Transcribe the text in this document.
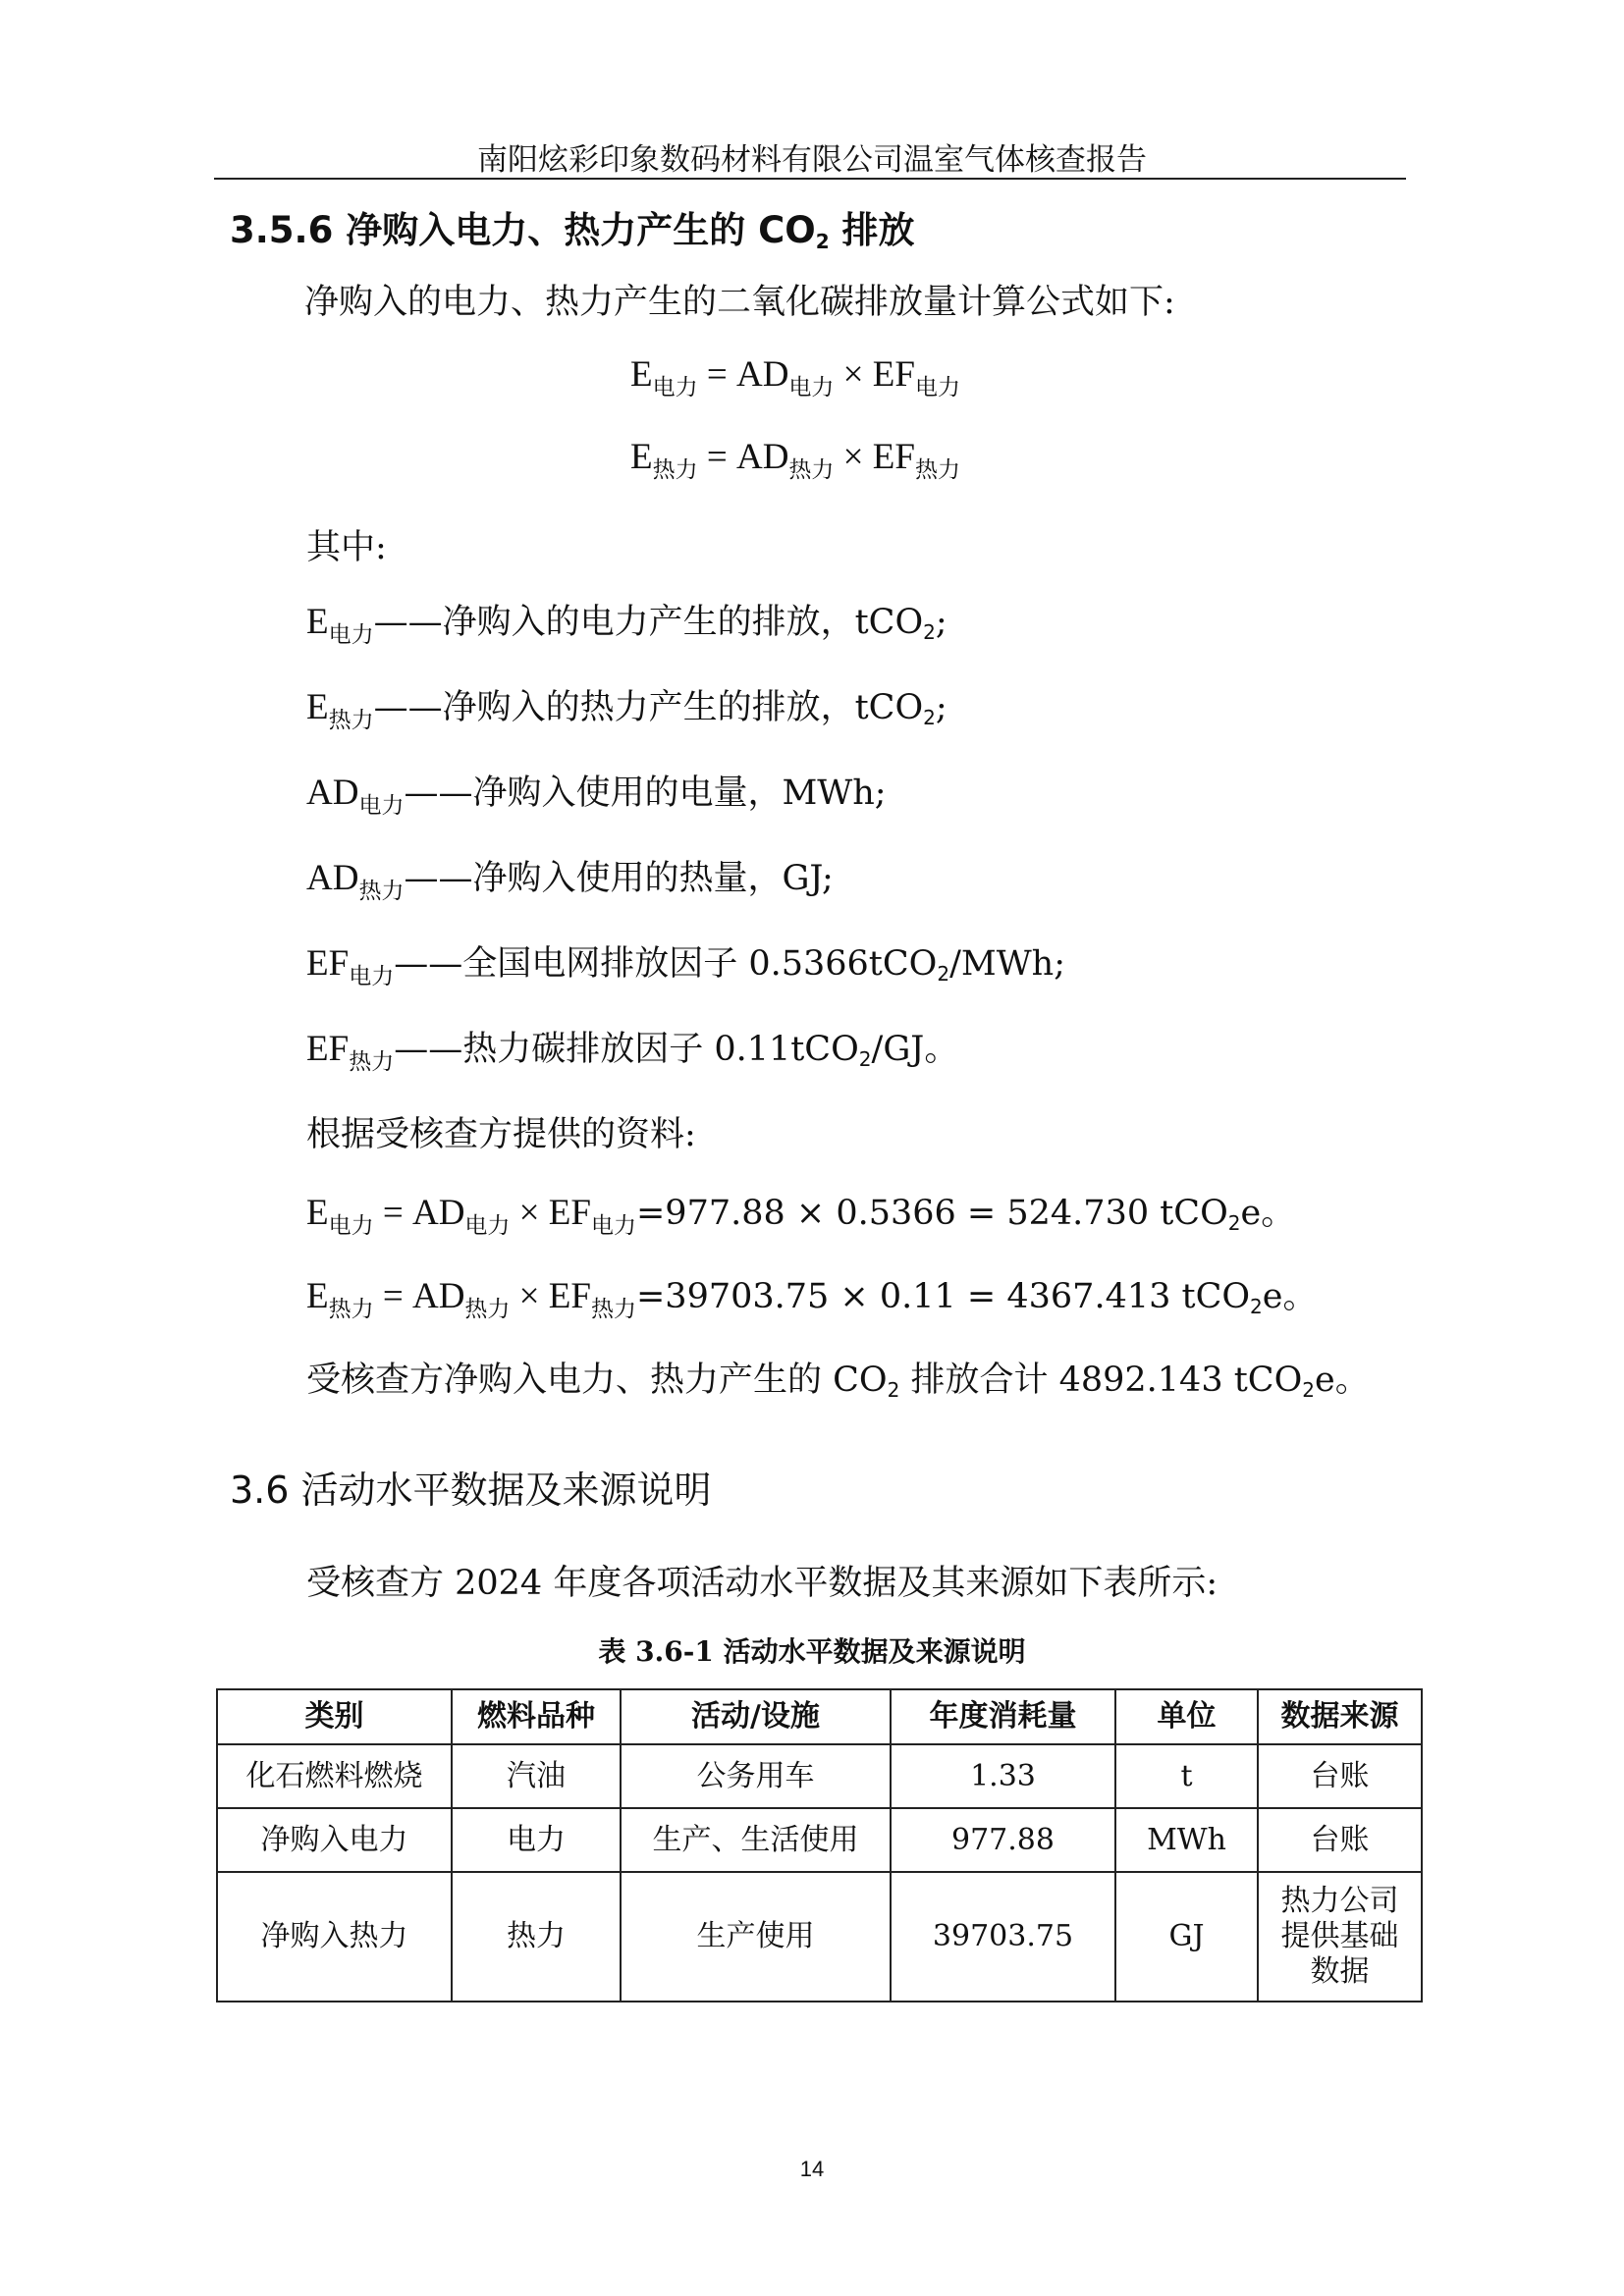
南阳炫彩印象数码材料有限公司温室气体核查报告
3.5.6 净购入电力、热力产生的 $CO_2$ 排放
净购入的电力、热力产生的二氧化碳排放量计算公式如下:
$E_{电力} = AD_{电力} \times EF_{电力}$
$E_{热力} = AD_{热力} \times EF_{热力}$
其中:
$E_{电力}——$净购入的电力产生的排放，tCO$_2$;
$E_{热力}——$净购入的热力产生的排放，tCO$_2$;
$AD_{电力}——$净购入使用的电量，MWh;
$AD_{热力}——$净购入使用的热量，GJ;
$EF_{电力}——$全国电网排放因子 0.5366tCO$_2$/MWh;
$EF_{热力}——$热力碳排放因子 0.11tCO$_2$/GJ。
根据受核查方提供的资料:
$E_{电力} = AD_{电力} \times EF_{电力}=977.88 \times 0.5366 = 524.730$ tCO$_2$e。
$E_{热力} = AD_{热力} \times EF_{热力}=39703.75 \times 0.11 = 4367.413$ tCO$_2$e。
受核查方净购入电力、热力产生的 $CO_2$ 排放合计 4892.143 tCO$_2$e。
3.6 活动水平数据及来源说明
受核查方 2024 年度各项活动水平数据及其来源如下表所示:
表 3.6-1 活动水平数据及来源说明
类别	燃料品种	活动/设施	年度消耗量	单位	数据来源
化石燃料燃烧	汽油	公务用车	1.33	t	台账
净购入电力	电力	生产、生活使用	977.88	MWh	台账
净购入热力	热力	生产使用	39703.75	GJ	热力公司
提供基础
数据
14
